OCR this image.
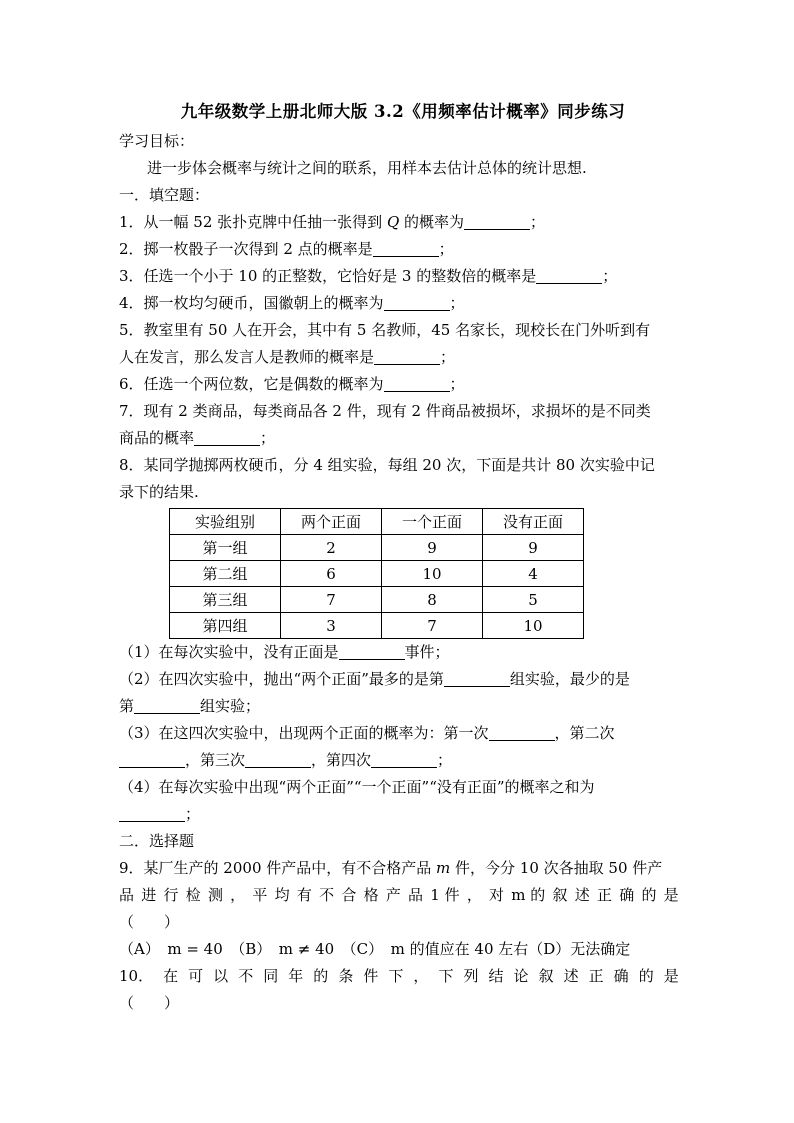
九年级数学上册北师大版 3.2《用频率估计概率》同步练习
学习目标：
进一步体会概率与统计之间的联系，用样本去估计总体的统计思想.
一．填空题：
1．从一幅 52 张扑克牌中任抽一张得到 Q 的概率为	；
2．掷一枚骰子一次得到 2 点的概率是	；
3．任选一个小于 10 的正整数，它恰好是 3 的整数倍的概率是	；
4．掷一枚均匀硬币，国徽朝上的概率为	；
5．教室里有 50 人在开会，其中有 5 名教师，45 名家长，现校长在门外听到有
人在发言，那么发言人是教师的概率是	；
6．任选一个两位数，它是偶数的概率为	；
7．现有 2 类商品，每类商品各 2 件，现有 2 件商品被损坏，求损坏的是不同类
商品的概率	；
8．某同学抛掷两枚硬币，分 4 组实验，每组 20 次，下面是共计 80 次实验中记
录下的结果.
实验组别	两个正面	一个正面	没有正面
第一组	2	9	9
第二组	6	10	4
第三组	7	8	5
第四组	3	7	10
（1）在每次实验中，没有正面是	事件；
（2）在四次实验中，抛出“两个正面”最多的是第	组实验，最少的是
第	组实验；
（3）在这四次实验中，出现两个正面的概率为：第一次	，第二次
，第三次	，第四次	；
（4）在每次实验中出现“两个正面”“一个正面”“没有正面”的概率之和为
；
二．选择题
9．某厂生产的 2000 件产品中，有不合格产品 m 件，今分 10 次各抽取 50 件产
品 进 行 检 测 ， 平 均 有 不 合 格 产 品 1 件 ， 对 m 的 叙 述 正 确 的 是
（　　）
（A）　m = 40　（B）　m ≠ 40　（C）　m 的值应在 40 左右（D）无法确定
10． 在 可 以 不 同 年 的 条 件 下 ， 下 列 结 论 叙 述 正 确 的 是
（　　）
